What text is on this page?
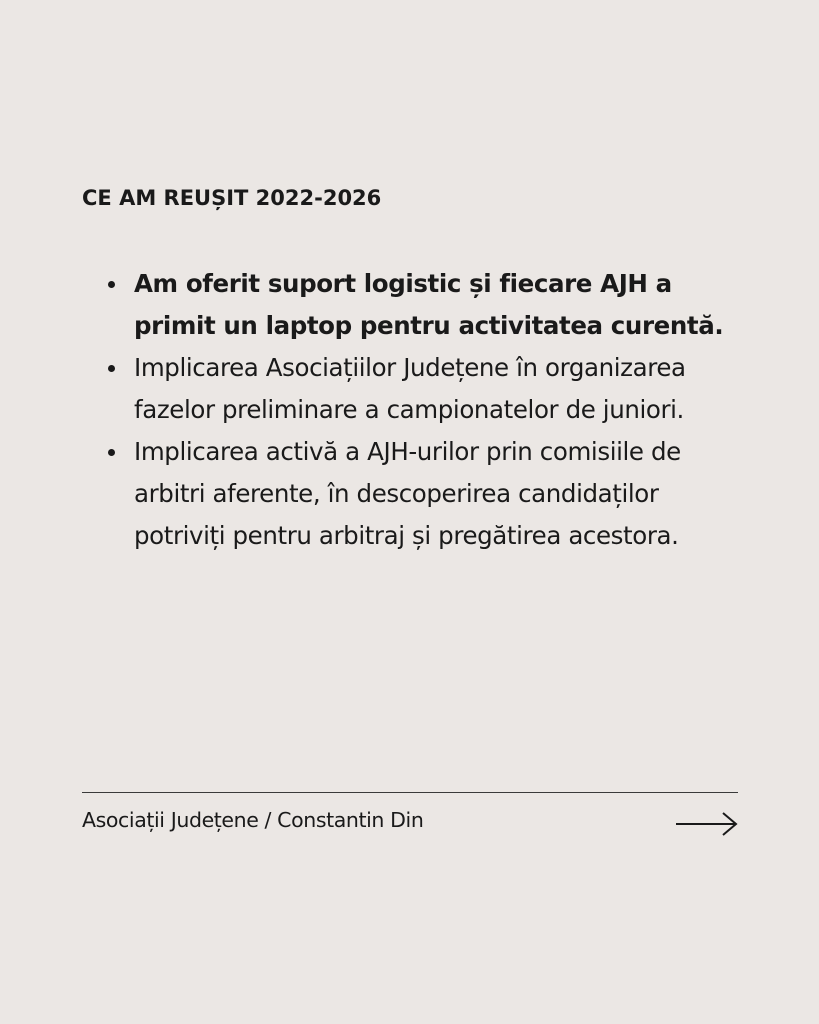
CE AM REUȘIT 2022-2026
Am oferit suport logistic și fiecare AJH a primit un laptop pentru activitatea curentă.
Implicarea Asociațiilor Județene în organizarea fazelor preliminare a campionatelor de juniori.
Implicarea activă a AJH-urilor prin comisiile de arbitri aferente, în descoperirea candidaților potriviți pentru arbitraj și pregătirea acestora.
Asociații Județene / Constantin Din
